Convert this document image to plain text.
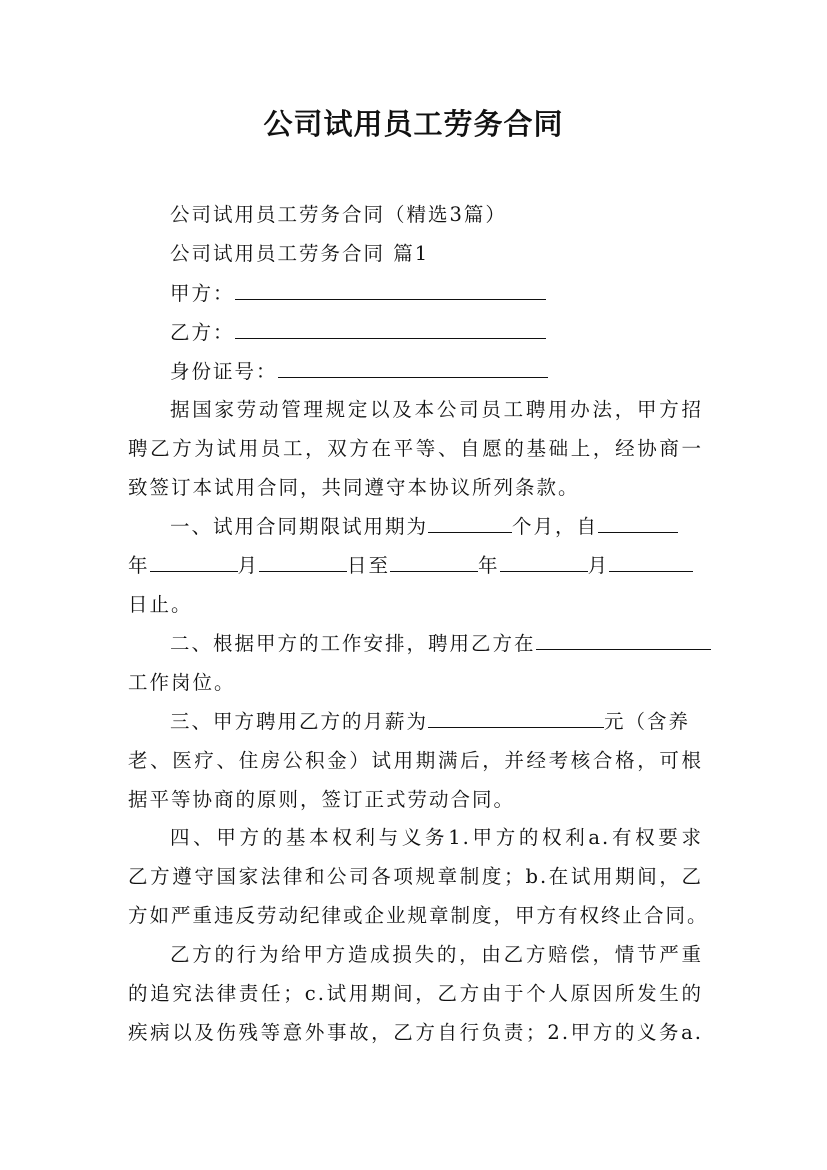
公司试用员工劳务合同
公司试用员工劳务合同（精选3篇）
公司试用员工劳务合同 篇1
甲方：
乙方：
身份证号：
据国家劳动管理规定以及本公司员工聘用办法，甲方招
聘乙方为试用员工，双方在平等、自愿的基础上，经协商一
致签订本试用合同，共同遵守本协议所列条款。
一、试用合同期限试用期为	个月，自
年	月	日至	年	月
日止。
二、根据甲方的工作安排，聘用乙方在
工作岗位。
三、甲方聘用乙方的月薪为	元（含养
老、医疗、住房公积金）试用期满后，并经考核合格，可根
据平等协商的原则，签订正式劳动合同。
四、甲方的基本权利与义务1.甲方的权利a.有权要求
乙方遵守国家法律和公司各项规章制度；b.在试用期间，乙
方如严重违反劳动纪律或企业规章制度，甲方有权终止合同。
乙方的行为给甲方造成损失的，由乙方赔偿，情节严重
的追究法律责任；c.试用期间，乙方由于个人原因所发生的
疾病以及伤残等意外事故，乙方自行负责；2.甲方的义务a.
